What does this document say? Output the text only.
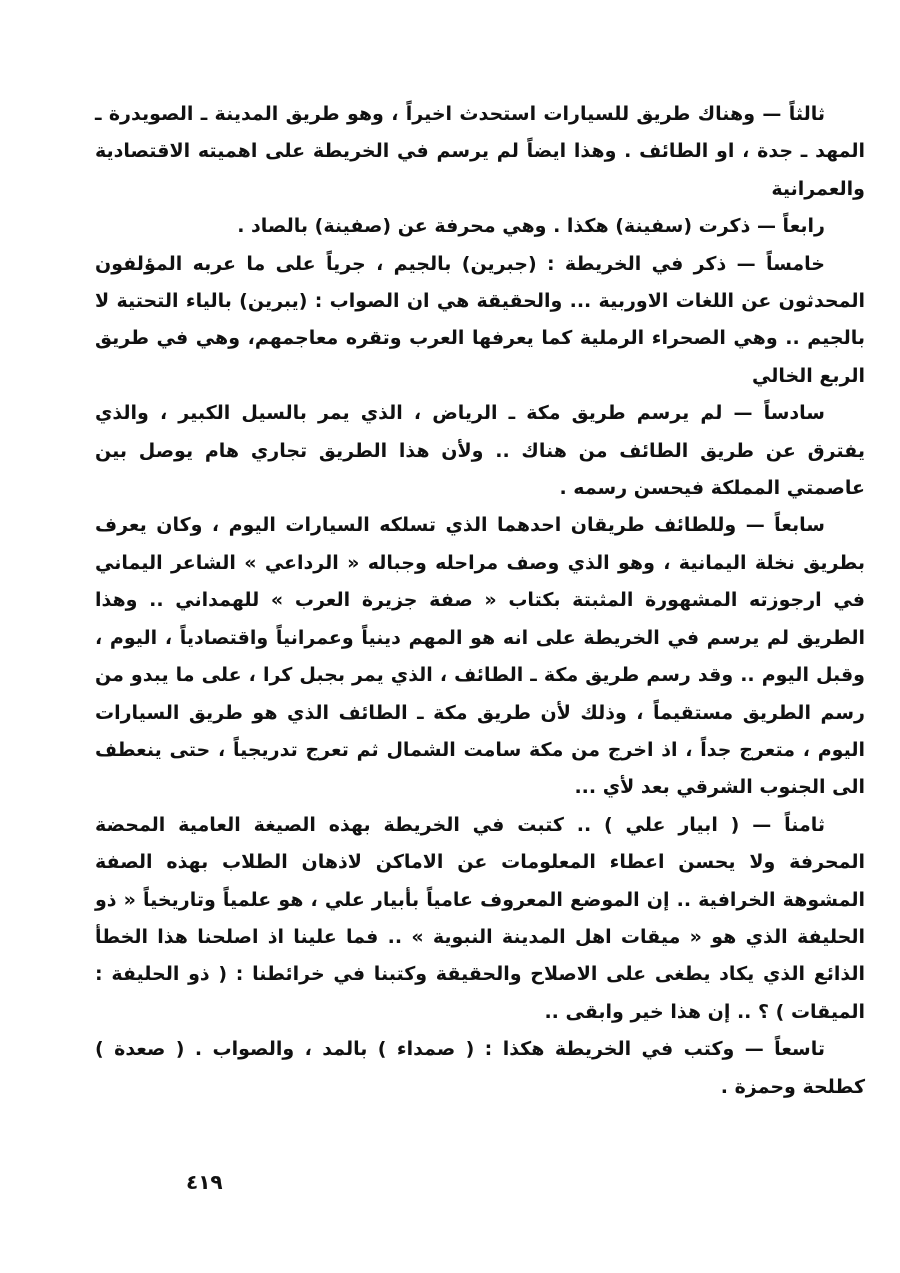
ثالثاً — وهناك طريق للسيارات استحدث اخيراً ، وهو طريق المدينة ـ الصويدرة ـ المهد ـ جدة ، او الطائف . وهذا ايضاً لم يرسم في الخريطة على اهميته الاقتصادية والعمرانية

رابعاً — ذكرت (سفينة) هكذا . وهي محرفة عن (صفينة) بالصاد .

خامساً — ذكر في الخريطة : (جبرين) بالجيم ، جرياً على ما عربه المؤلفون المحدثون عن اللغات الاوربية ... والحقيقة هي ان الصواب : (يبرين) بالياء التحتية لا بالجيم .. وهي الصحراء الرملية كما يعرفها العرب وتقره معاجمهم، وهي في طريق الربع الخالي

سادساً — لم يرسم طريق مكة ـ الرياض ، الذي يمر بالسيل الكبير ، والذي يفترق عن طريق الطائف من هناك .. ولأن هذا الطريق تجاري هام يوصل بين عاصمتي المملكة فيحسن رسمه .

سابعاً — وللطائف طريقان احدهما الذي تسلكه السيارات اليوم ، وكان يعرف بطريق نخلة اليمانية ، وهو الذي وصف مراحله وجباله « الرداعي » الشاعر اليماني في ارجوزته المشهورة المثبتة بكتاب « صفة جزيرة العرب » للهمداني .. وهذا الطريق لم يرسم في الخريطة على انه هو المهم دينياً وعمرانياً واقتصادياً ، اليوم ، وقبل اليوم .. وقد رسم طريق مكة ـ الطائف ، الذي يمر بجبل كرا ، على ما يبدو من رسم الطريق مستقيماً ، وذلك لأن طريق مكة ـ الطائف الذي هو طريق السيارات اليوم ، متعرج جداً ، اذ اخرج من مكة سامت الشمال ثم تعرج تدريجياً ، حتى ينعطف الى الجنوب الشرقي بعد لأي ...

ثامناً — ( ابيار علي ) .. كتبت في الخريطة بهذه الصيغة العامية المحضة المحرفة ولا يحسن اعطاء المعلومات عن الاماكن لاذهان الطلاب بهذه الصفة المشوهة الخرافية .. إن الموضع المعروف عامياً بأبيار علي ، هو علمياً وتاريخياً « ذو الحليفة الذي هو « ميقات اهل المدينة النبوية » .. فما علينا اذ اصلحنا هذا الخطأ الذائع الذي يكاد يطغى على الاصلاح والحقيقة وكتبنا في خرائطنا : ( ذو الحليفة : الميقات ) ؟ .. إن هذا خير وابقى ..

تاسعاً — وكتب في الخريطة هكذا : ( صمداء ) بالمد ، والصواب . ( صعدة ) كطلحة وحمزة .

٤١٩
